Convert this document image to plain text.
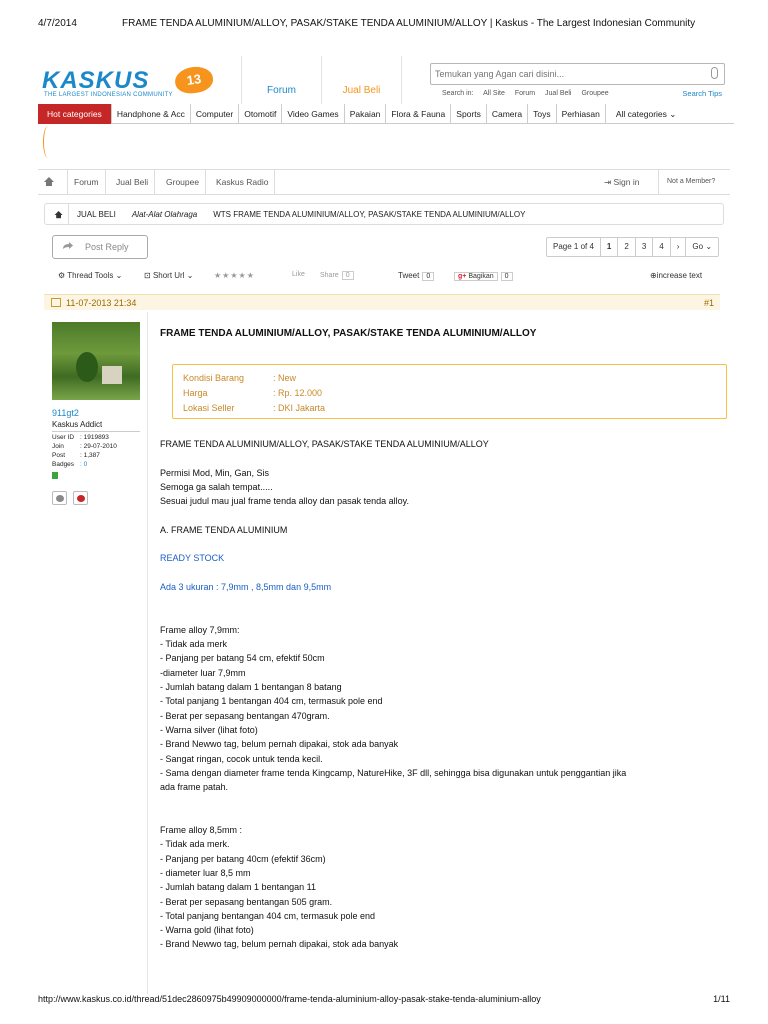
4/7/2014	FRAME TENDA ALUMINIUM/ALLOY, PASAK/STAKE TENDA ALUMINIUM/ALLOY | Kaskus - The Largest Indonesian Community
KASKUS
THE LARGEST INDONESIAN COMMUNITY
13
Forum	Jual Beli
Temukan yang Agan cari disini...	Search in: All Site Forum Jual Beli Groupee	Search Tips
Hot categories	Handphone & Acc	Computer	Otomotif	Video Games	Pakaian	Flora & Fauna	Sports	Camera	Toys	Perhiasan	All categories ⌄
Forum	Jual Beli	Groupee	Kaskus Radio	⇥ Sign in	Not a Member?
JUAL BELI	Alat-Alat Olahraga	WTS FRAME TENDA ALUMINIUM/ALLOY, PASAK/STAKE TENDA ALUMINIUM/ALLOY
Post Reply	Page 1 of 4	1	2	3	4	›	Go ⌄
⚙ Thread Tools ⌄	⊡ Short Url ⌄	★★★★★	Like Share 0	Tweet 0	g+ Bagikan 0	⊕increase text
11-07-2013 21:34	#1
911gt2
Kaskus Addict
User ID : 1919893
Join	: 29-07-2010
Post	: 1,387
Badges : 0
FRAME TENDA ALUMINIUM/ALLOY, PASAK/STAKE TENDA ALUMINIUM/ALLOY
Kondisi Barang	: New
Harga	: Rp. 12.000
Lokasi Seller	: DKI Jakarta
FRAME TENDA ALUMINIUM/ALLOY, PASAK/STAKE TENDA ALUMINIUM/ALLOY
Permisi Mod, Min, Gan, Sis
Semoga ga salah tempat.....
Sesuai judul mau jual frame tenda alloy dan pasak tenda alloy.
A. FRAME TENDA ALUMINIUM
READY STOCK
Ada 3 ukuran : 7,9mm , 8,5mm dan 9,5mm
Frame alloy 7,9mm:
- Tidak ada merk
- Panjang per batang 54 cm, efektif 50cm
-diameter luar 7,9mm
- Jumlah batang dalam 1 bentangan 8 batang
- Total panjang 1 bentangan 404 cm, termasuk pole end
- Berat per sepasang bentangan 470gram.
- Warna silver (lihat foto)
- Brand Newwo tag, belum pernah dipakai, stok ada banyak
- Sangat ringan, cocok untuk tenda kecil.
- Sama dengan diameter frame tenda Kingcamp, NatureHike, 3F dll, sehingga bisa digunakan untuk penggantian jika
ada frame patah.
Frame alloy 8,5mm :
- Tidak ada merk.
- Panjang per batang 40cm (efektif 36cm)
- diameter luar 8,5 mm
- Jumlah batang dalam 1 bentangan 11
- Berat per sepasang bentangan 505 gram.
- Total panjang bentangan 404 cm, termasuk pole end
- Warna gold (lihat foto)
- Brand Newwo tag, belum pernah dipakai, stok ada banyak
http://www.kaskus.co.id/thread/51dec2860975b49909000000/frame-tenda-aluminium-alloy-pasak-stake-tenda-aluminium-alloy	1/11
